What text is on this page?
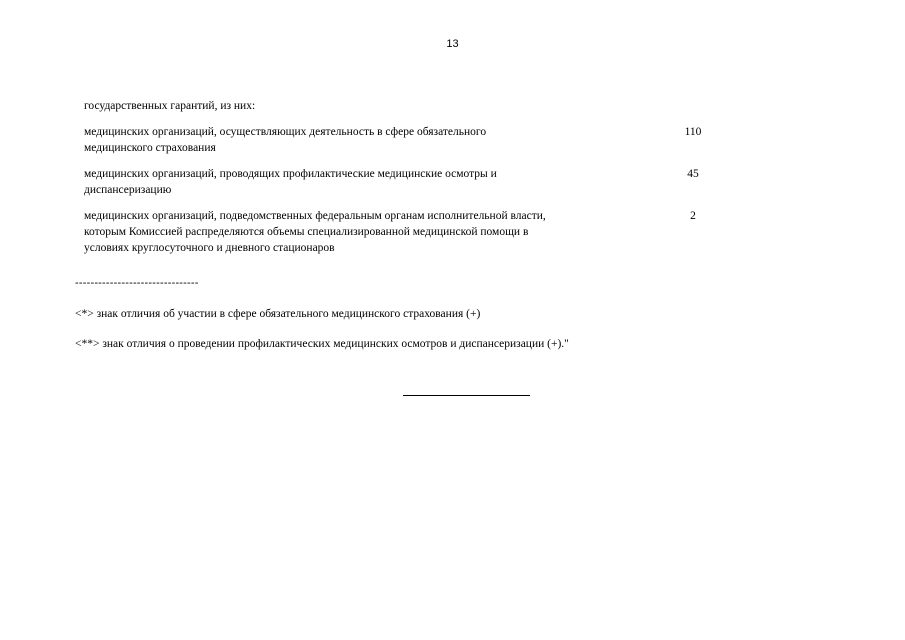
13
государственных гарантий, из них:
медицинских организаций, осуществляющих деятельность в сфере обязательного
медицинского страхования
110
медицинских организаций, проводящих профилактические медицинские осмотры и
диспансеризацию
45
медицинских организаций, подведомственных федеральным органам исполнительной власти,
которым Комиссией распределяются объемы специализированной медицинской помощи в
условиях круглосуточного и дневного стационаров
2
--------------------------------
<*> знак отличия об участии в сфере обязательного медицинского страхования (+)
<**> знак отличия о проведении профилактических медицинских осмотров и диспансеризации (+)."
